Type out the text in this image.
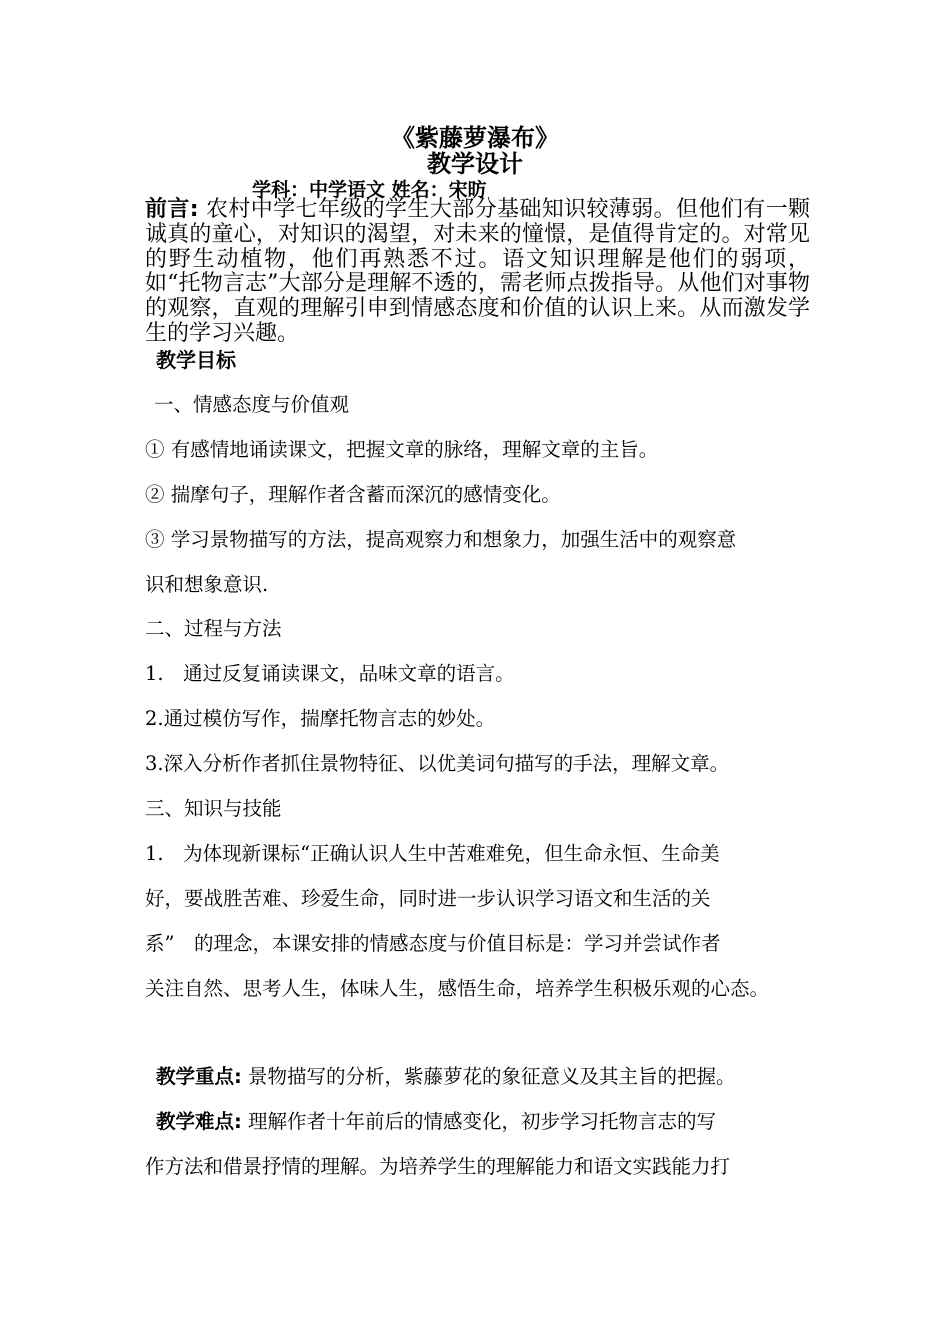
《紫藤萝瀑布》
教学设计
学科：中学语文 姓名：宋昉
前言: 农村中学七年级的学生大部分基础知识较薄弱。但他们有一颗诚真的童心，对知识的渴望，对未来的憧憬，是值得肯定的。对常见的野生动植物，他们再熟悉不过。语文知识理解是他们的弱项，如“托物言志”大部分是理解不透的，需老师点拨指导。从他们对事物的观察，直观的理解引申到情感态度和价值的认识上来。从而激发学生的学习兴趣。
教学目标
一、情感态度与价值观
① 有感情地诵读课文，把握文章的脉络，理解文章的主旨。
② 揣摩句子，理解作者含蓄而深沉的感情变化。
③ 学习景物描写的方法，提高观察力和想象力，加强生活中的观察意
识和想象意识.
二、过程与方法
1.　通过反复诵读课文，品味文章的语言。
2.通过模仿写作，揣摩托物言志的妙处。
3.深入分析作者抓住景物特征、以优美词句描写的手法，理解文章。
三、知识与技能
1.　为体现新课标“正确认识人生中苦难难免，但生命永恒、生命美
好，要战胜苦难、珍爱生命，同时进一步认识学习语文和生活的关
系”　的理念，本课安排的情感态度与价值目标是：学习并尝试作者
关注自然、思考人生，体味人生，感悟生命，培养学生积极乐观的心态。
教学重点: 景物描写的分析，紫藤萝花的象征意义及其主旨的把握。
教学难点: 理解作者十年前后的情感变化，初步学习托物言志的写
作方法和借景抒情的理解。为培养学生的理解能力和语文实践能力打
